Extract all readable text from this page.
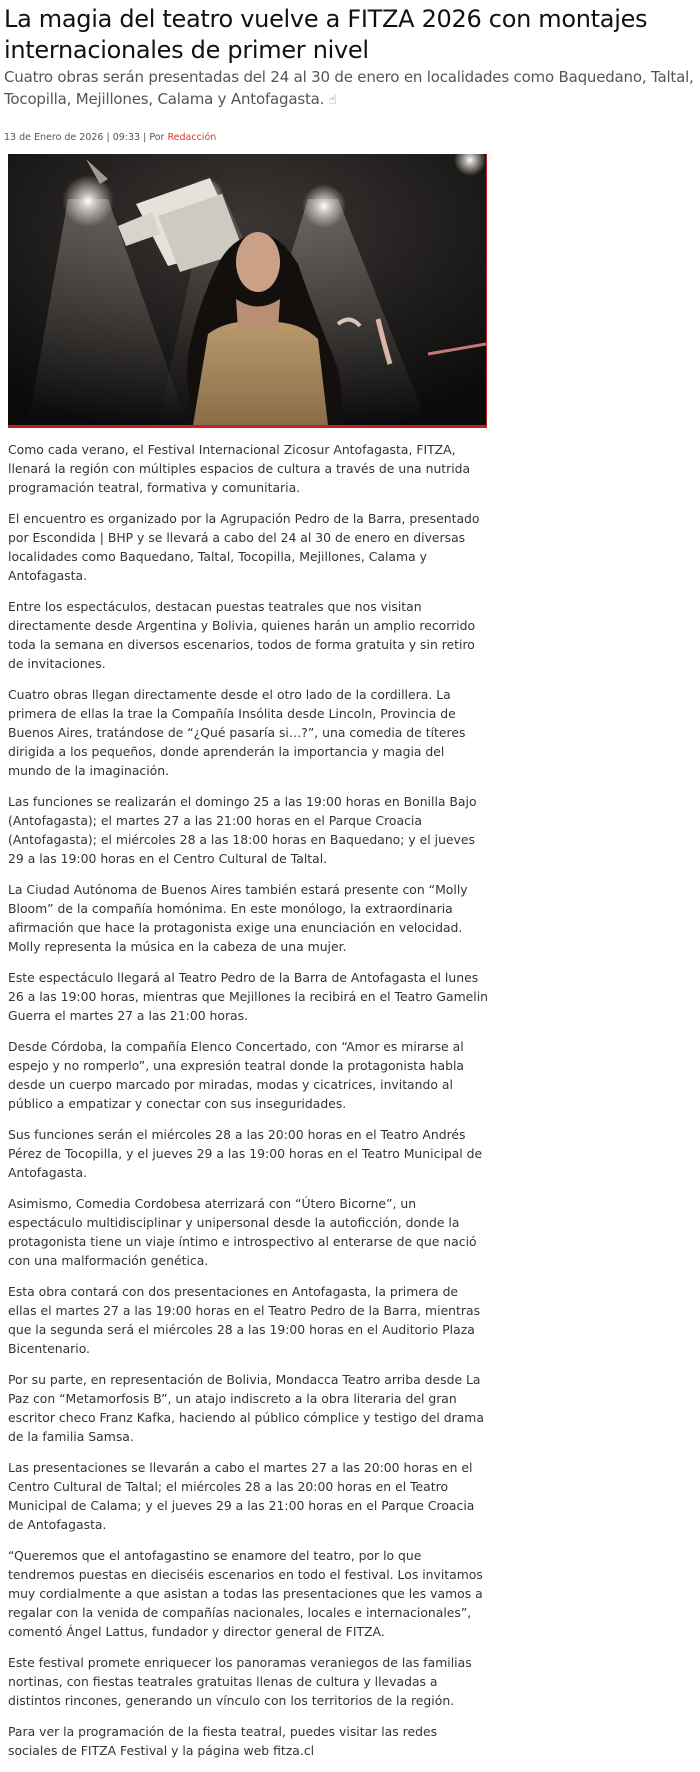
La magia del teatro vuelve a FITZA 2026 con montajes internacionales de primer nivel

Cuatro obras serán presentadas del 24 al 30 de enero en localidades como Baquedano, Taltal, Tocopilla, Mejillones, Calama y Antofagasta. ☝

13 de Enero de 2026 | 09:33 | Por Redacción

Como cada verano, el Festival Internacional Zicosur Antofagasta, FITZA, llenará la región con múltiples espacios de cultura a través de una nutrida programación teatral, formativa y comunitaria.

El encuentro es organizado por la Agrupación Pedro de la Barra, presentado por Escondida | BHP y se llevará a cabo del 24 al 30 de enero en diversas localidades como Baquedano, Taltal, Tocopilla, Mejillones, Calama y Antofagasta.

Entre los espectáculos, destacan puestas teatrales que nos visitan directamente desde Argentina y Bolivia, quienes harán un amplio recorrido toda la semana en diversos escenarios, todos de forma gratuita y sin retiro de invitaciones.

Cuatro obras llegan directamente desde el otro lado de la cordillera. La primera de ellas la trae la Compañía Insólita desde Lincoln, Provincia de Buenos Aires, tratándose de “¿Qué pasaría si…?”, una comedia de títeres dirigida a los pequeños, donde aprenderán la importancia y magia del mundo de la imaginación.

Las funciones se realizarán el domingo 25 a las 19:00 horas en Bonilla Bajo (Antofagasta); el martes 27 a las 21:00 horas en el Parque Croacia (Antofagasta); el miércoles 28 a las 18:00 horas en Baquedano; y el jueves 29 a las 19:00 horas en el Centro Cultural de Taltal.

La Ciudad Autónoma de Buenos Aires también estará presente con “Molly Bloom” de la compañía homónima. En este monólogo, la extraordinaria afirmación que hace la protagonista exige una enunciación en velocidad. Molly representa la música en la cabeza de una mujer.

Este espectáculo llegará al Teatro Pedro de la Barra de Antofagasta el lunes 26 a las 19:00 horas, mientras que Mejillones la recibirá en el Teatro Gamelin Guerra el martes 27 a las 21:00 horas.

Desde Córdoba, la compañía Elenco Concertado, con “Amor es mirarse al espejo y no romperlo”, una expresión teatral donde la protagonista habla desde un cuerpo marcado por miradas, modas y cicatrices, invitando al público a empatizar y conectar con sus inseguridades.

Sus funciones serán el miércoles 28 a las 20:00 horas en el Teatro Andrés Pérez de Tocopilla, y el jueves 29 a las 19:00 horas en el Teatro Municipal de Antofagasta.

Asimismo, Comedia Cordobesa aterrizará con “Útero Bicorne”, un espectáculo multidisciplinar y unipersonal desde la autoficción, donde la protagonista tiene un viaje íntimo e introspectivo al enterarse de que nació con una malformación genética.

Esta obra contará con dos presentaciones en Antofagasta, la primera de ellas el martes 27 a las 19:00 horas en el Teatro Pedro de la Barra, mientras que la segunda será el miércoles 28 a las 19:00 horas en el Auditorio Plaza Bicentenario.

Por su parte, en representación de Bolivia, Mondacca Teatro arriba desde La Paz con “Metamorfosis B”, un atajo indiscreto a la obra literaria del gran escritor checo Franz Kafka, haciendo al público cómplice y testigo del drama de la familia Samsa.

Las presentaciones se llevarán a cabo el martes 27 a las 20:00 horas en el Centro Cultural de Taltal; el miércoles 28 a las 20:00 horas en el Teatro Municipal de Calama; y el jueves 29 a las 21:00 horas en el Parque Croacia de Antofagasta.

“Queremos que el antofagastino se enamore del teatro, por lo que tendremos puestas en dieciséis escenarios en todo el festival. Los invitamos muy cordialmente a que asistan a todas las presentaciones que les vamos a regalar con la venida de compañías nacionales, locales e internacionales”, comentó Ángel Lattus, fundador y director general de FITZA.

Este festival promete enriquecer los panoramas veraniegos de las familias nortinas, con fiestas teatrales gratuitas llenas de cultura y llevadas a distintos rincones, generando un vínculo con los territorios de la región.

Para ver la programación de la fiesta teatral, puedes visitar las redes sociales de FITZA Festival y la página web fitza.cl
